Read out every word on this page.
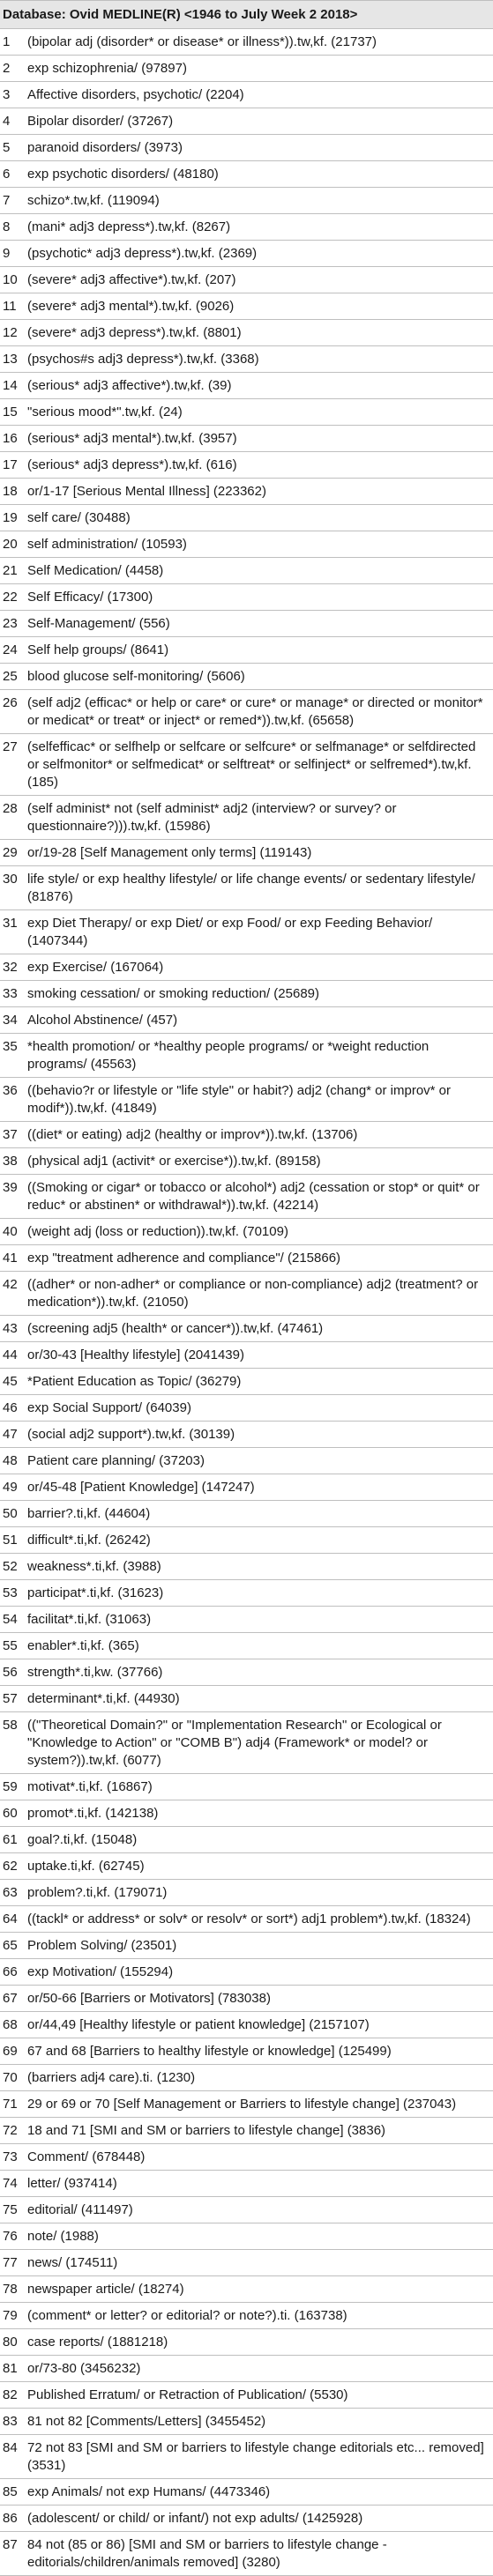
Database: Ovid MEDLINE(R) <1946 to July Week 2 2018>
1	(bipolar adj (disorder* or disease* or illness*)).tw,kf. (21737)
2	exp schizophrenia/ (97897)
3	Affective disorders, psychotic/ (2204)
4	Bipolar disorder/ (37267)
5	paranoid disorders/ (3973)
6	exp psychotic disorders/ (48180)
7	schizo*.tw,kf. (119094)
8	(mani* adj3 depress*).tw,kf. (8267)
9	(psychotic* adj3 depress*).tw,kf. (2369)
10 (severe* adj3 affective*).tw,kf. (207)
11 (severe* adj3 mental*).tw,kf. (9026)
12 (severe* adj3 depress*).tw,kf. (8801)
13 (psychos#s adj3 depress*).tw,kf. (3368)
14 (serious* adj3 affective*).tw,kf. (39)
15 "serious mood*".tw,kf. (24)
16 (serious* adj3 mental*).tw,kf. (3957)
17 (serious* adj3 depress*).tw,kf. (616)
18 or/1-17 [Serious Mental Illness] (223362)
19 self care/ (30488)
20 self administration/ (10593)
21 Self Medication/ (4458)
22 Self Efficacy/ (17300)
23 Self-Management/ (556)
24 Self help groups/ (8641)
25 blood glucose self-monitoring/ (5606)
26 (self adj2 (efficac* or help or care* or cure* or manage* or directed or monitor* or medicat* or treat* or inject* or remed*)).tw,kf. (65658)
27 (selfefficac* or selfhelp or selfcare or selfcure* or selfmanage* or selfdirected or selfmonitor* or selfmedicat* or selftreat* or selfinject* or selfremed*).tw,kf. (185)
28 (self administ* not (self administ* adj2 (interview? or survey? or questionnaire?))).tw,kf. (15986)
29 or/19-28 [Self Management only terms] (119143)
30 life style/ or exp healthy lifestyle/ or life change events/ or sedentary lifestyle/ (81876)
31 exp Diet Therapy/ or exp Diet/ or exp Food/ or exp Feeding Behavior/ (1407344)
32 exp Exercise/ (167064)
33 smoking cessation/ or smoking reduction/ (25689)
34 Alcohol Abstinence/ (457)
35 *health promotion/ or *healthy people programs/ or *weight reduction programs/ (45563)
36 ((behavio?r or lifestyle or "life style" or habit?) adj2 (chang* or improv* or modif*)).tw,kf. (41849)
37 ((diet* or eating) adj2 (healthy or improv*)).tw,kf. (13706)
38 (physical adj1 (activit* or exercise*)).tw,kf. (89158)
39 ((Smoking or cigar* or tobacco or alcohol*) adj2 (cessation or stop* or quit* or reduc* or abstinen* or withdrawal*)).tw,kf. (42214)
40 (weight adj (loss or reduction)).tw,kf. (70109)
41 exp "treatment adherence and compliance"/ (215866)
42 ((adher* or non-adher* or compliance or non-compliance) adj2 (treatment? or medication*)).tw,kf. (21050)
43 (screening adj5 (health* or cancer*)).tw,kf. (47461)
44 or/30-43 [Healthy lifestyle] (2041439)
45 *Patient Education as Topic/ (36279)
46 exp Social Support/ (64039)
47 (social adj2 support*).tw,kf. (30139)
48 Patient care planning/ (37203)
49 or/45-48 [Patient Knowledge] (147247)
50 barrier?.ti,kf. (44604)
51 difficult*.ti,kf. (26242)
52 weakness*.ti,kf. (3988)
53 participat*.ti,kf. (31623)
54 facilitat*.ti,kf. (31063)
55 enabler*.ti,kf. (365)
56 strength*.ti,kw. (37766)
57 determinant*.ti,kf. (44930)
58 (("Theoretical Domain?" or "Implementation Research" or Ecological or "Knowledge to Action" or "COMB B") adj4 (Framework* or model? or system?)).tw,kf. (6077)
59 motivat*.ti,kf. (16867)
60 promot*.ti,kf. (142138)
61 goal?.ti,kf. (15048)
62 uptake.ti,kf. (62745)
63 problem?.ti,kf. (179071)
64 ((tackl* or address* or solv* or resolv* or sort*) adj1 problem*).tw,kf. (18324)
65 Problem Solving/ (23501)
66 exp Motivation/ (155294)
67 or/50-66 [Barriers or Motivators] (783038)
68 or/44,49 [Healthy lifestyle or patient knowledge] (2157107)
69 67 and 68 [Barriers to healthy lifestyle or knowledge] (125499)
70 (barriers adj4 care).ti. (1230)
71 29 or 69 or 70 [Self Management or Barriers to lifestyle change] (237043)
72 18 and 71 [SMI and SM or barriers to lifestyle change] (3836)
73 Comment/ (678448)
74 letter/ (937414)
75 editorial/ (411497)
76 note/ (1988)
77 news/ (174511)
78 newspaper article/ (18274)
79 (comment* or letter? or editorial? or note?).ti. (163738)
80 case reports/ (1881218)
81 or/73-80 (3456232)
82 Published Erratum/ or Retraction of Publication/ (5530)
83 81 not 82 [Comments/Letters] (3455452)
84 72 not 83 [SMI and SM or barriers to lifestyle change editorials etc... removed] (3531)
85 exp Animals/ not exp Humans/ (4473346)
86 (adolescent/ or child/ or infant/) not exp adults/ (1425928)
87 84 not (85 or 86) [SMI and SM or barriers to lifestyle change - editorials/children/animals removed] (3280)
